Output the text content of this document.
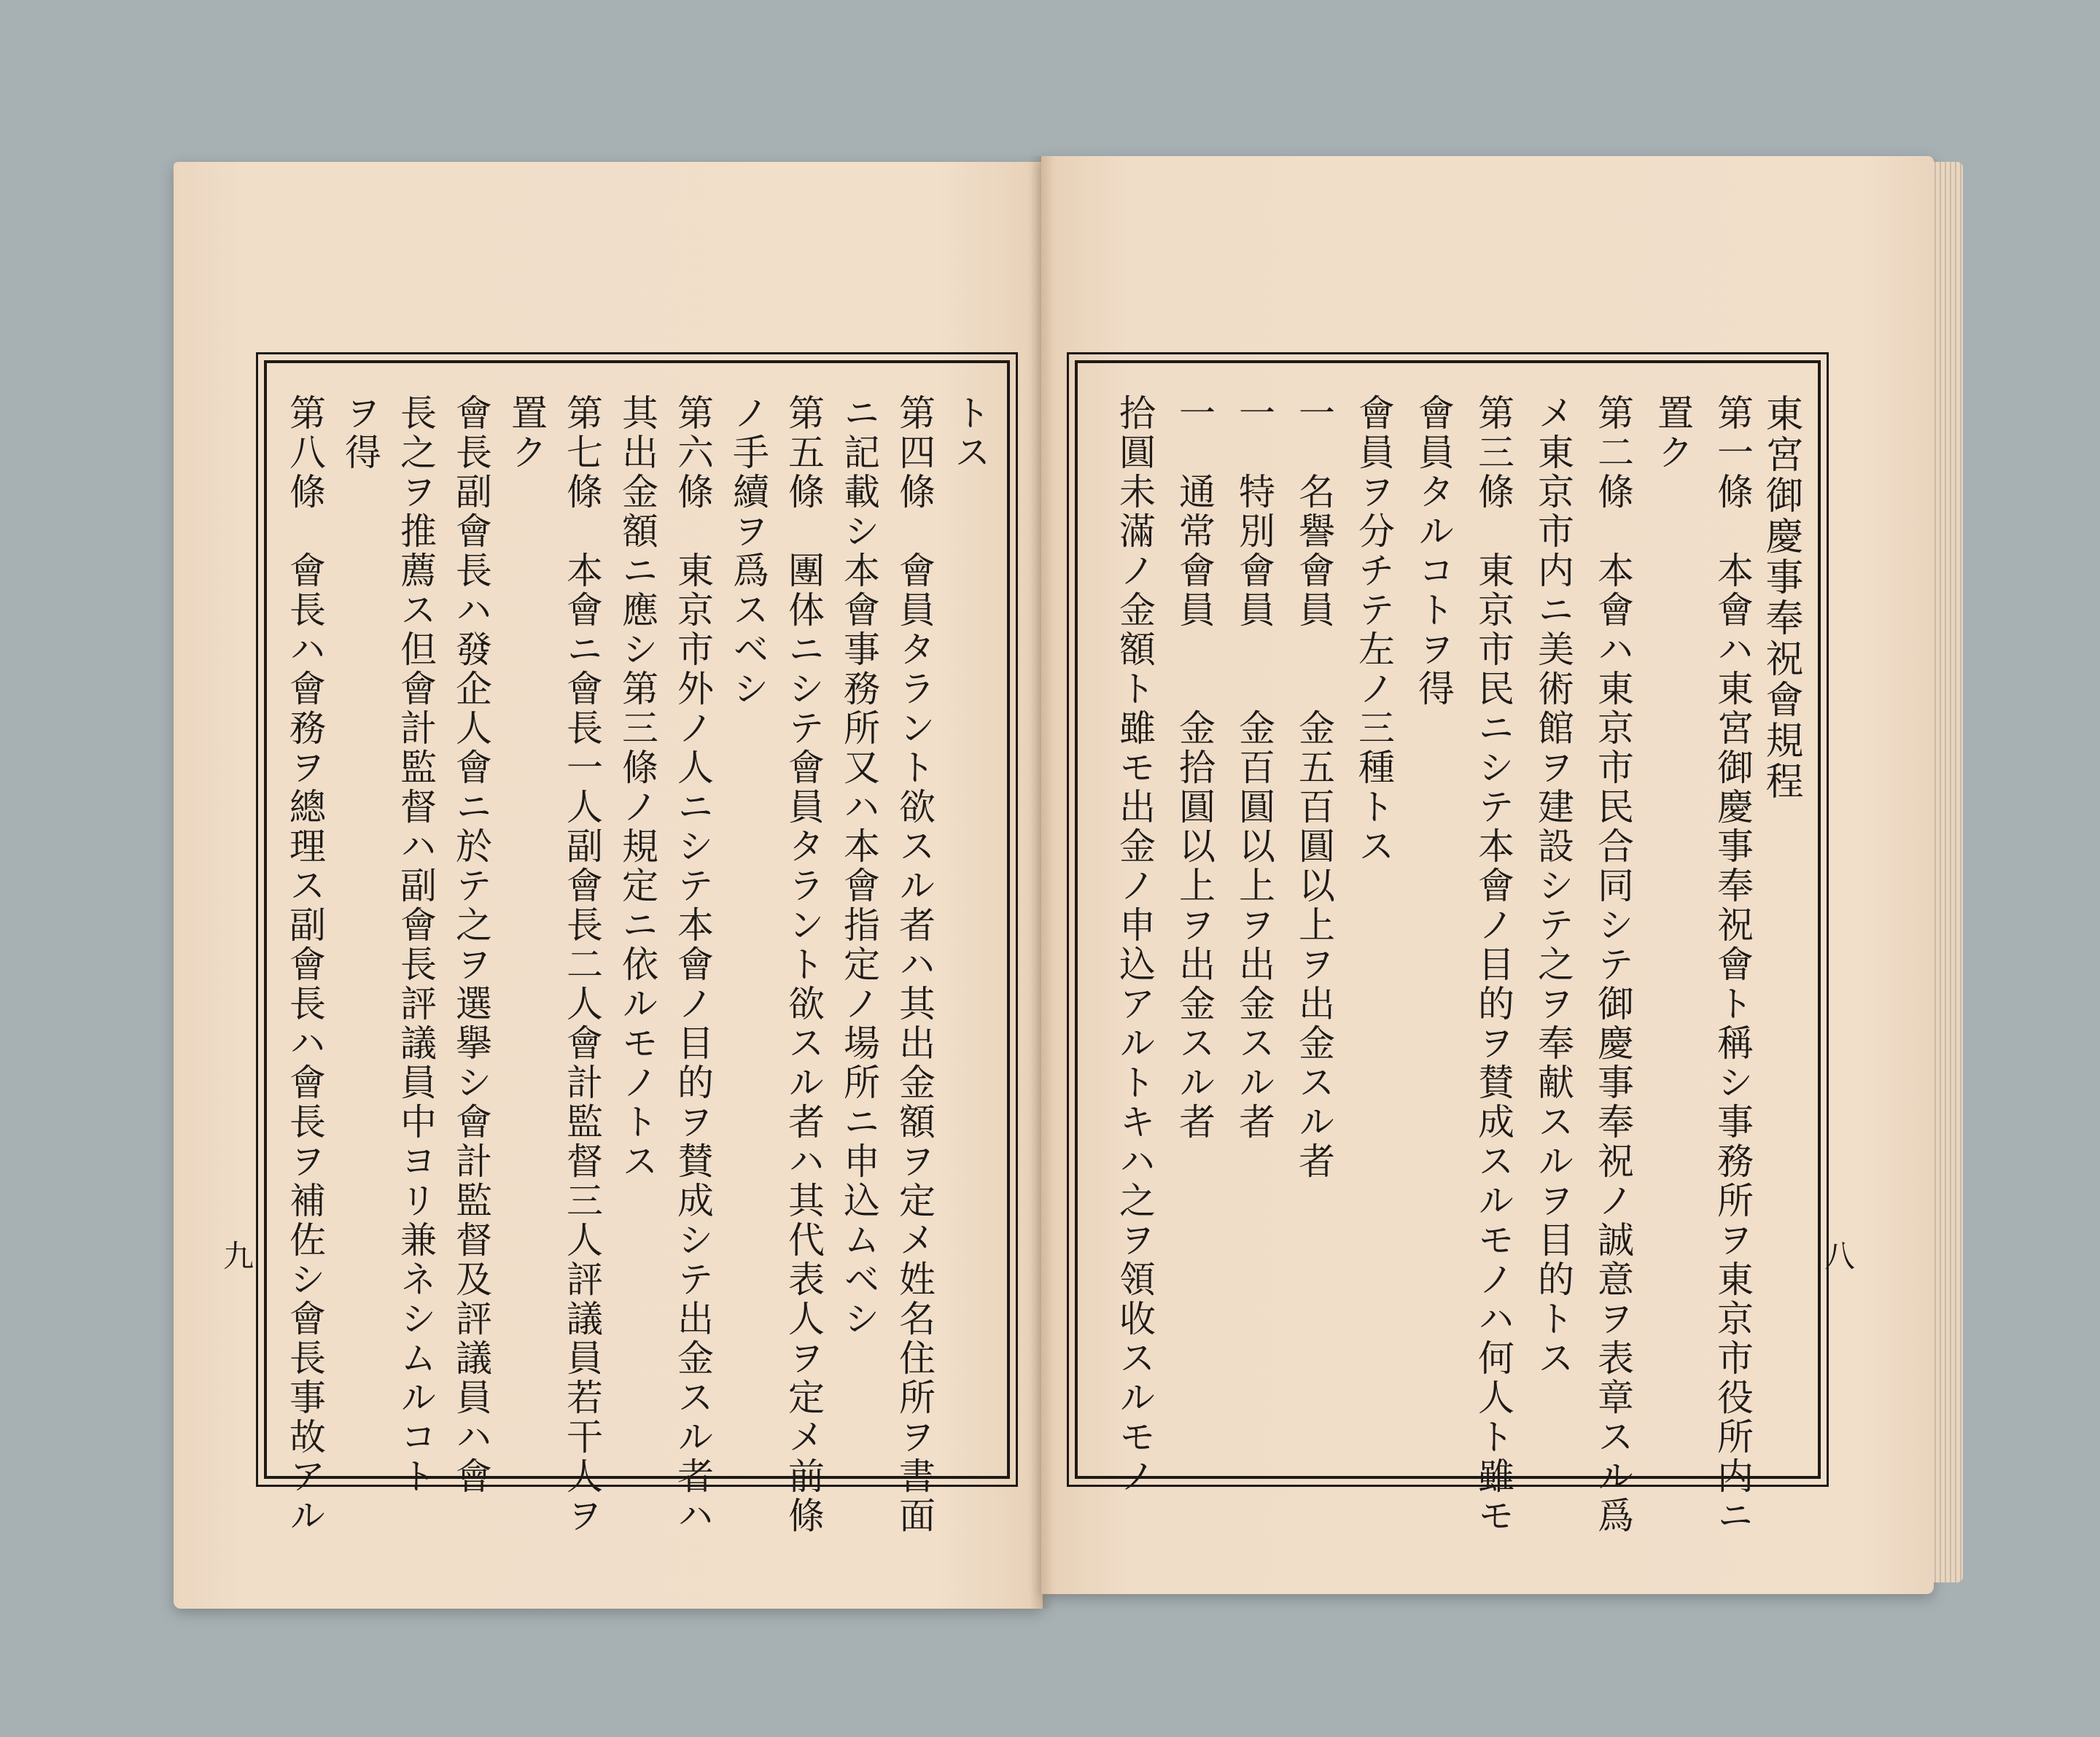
東宮御慶事奉祝會規程
第一條　本會ハ東宮御慶事奉祝會ト稱シ事務所ヲ東京市役所内ニ
置ク
第二條　本會ハ東京市民合同シテ御慶事奉祝ノ誠意ヲ表章スル爲
メ東京市内ニ美術館ヲ建設シテ之ヲ奉献スルヲ目的トス
第三條　東京市民ニシテ本會ノ目的ヲ賛成スルモノハ何人ト雖モ
會員タルコトヲ得
會員ヲ分チテ左ノ三種トス
一　名譽會員　　金五百圓以上ヲ出金スル者
一　特別會員　　金百圓以上ヲ出金スル者
一　通常會員　　金拾圓以上ヲ出金スル者
拾圓未滿ノ金額ト雖モ出金ノ申込アルトキハ之ヲ領收スルモノ	八
トス
第四條　會員タラント欲スル者ハ其出金額ヲ定メ姓名住所ヲ書面
ニ記載シ本會事務所又ハ本會指定ノ場所ニ申込ムベシ
第五條　團体ニシテ會員タラント欲スル者ハ其代表人ヲ定メ前條
ノ手續ヲ爲スベシ
第六條　東京市外ノ人ニシテ本會ノ目的ヲ賛成シテ出金スル者ハ
其出金額ニ應シ第三條ノ規定ニ依ルモノトス
第七條　本會ニ會長一人副會長二人會計監督三人評議員若干人ヲ
置ク
會長副會長ハ發企人會ニ於テ之ヲ選擧シ會計監督及評議員ハ會
長之ヲ推薦ス但會計監督ハ副會長評議員中ヨリ兼ネシムルコト
ヲ得
第八條　會長ハ會務ヲ總理ス副會長ハ會長ヲ補佐シ會長事故アル
九
